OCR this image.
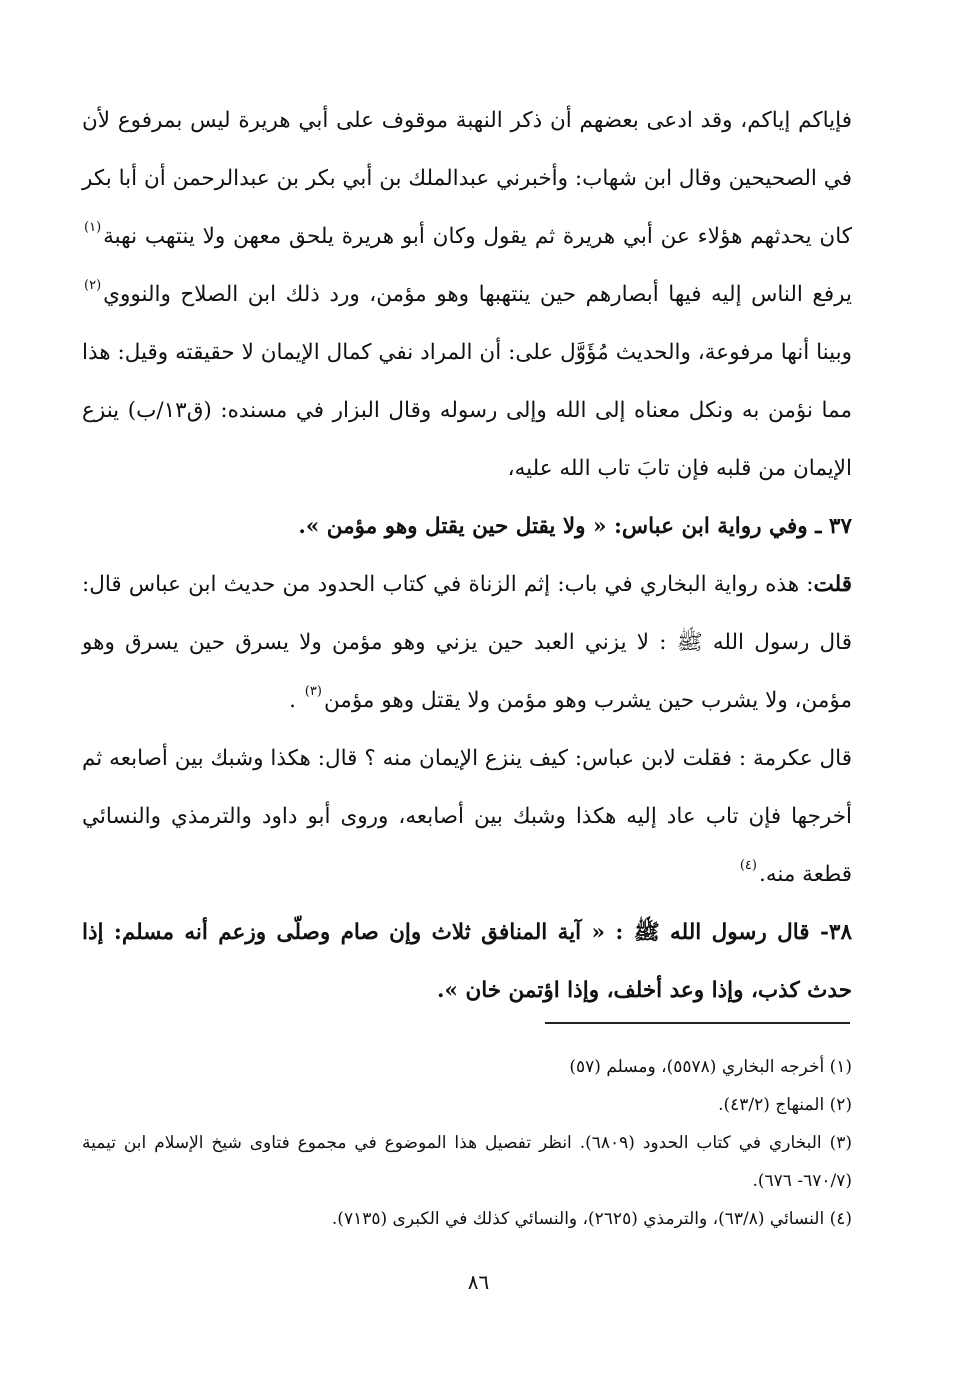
فإياكم إياكم، وقد ادعى بعضهم أن ذكر النهبة موقوف على أبي هريرة ليس بمرفوع لأن في الصحيحين وقال ابن شهاب: وأخبرني عبدالملك بن أبي بكر بن عبدالرحمن أن أبا بكر كان يحدثهم هؤلاء عن أبي هريرة ثم يقول وكان أبو هريرة يلحق معهن ولا ينتهب نهبة$^{(١)}$ يرفع الناس إليه فيها أبصارهم حين ينتهبها وهو مؤمن، ورد ذلك ابن الصلاح والنووي$^{(٢)}$ وبينا أنها مرفوعة، والحديث مُؤَوَّل على: أن المراد نفي كمال الإيمان لا حقيقته وقيل: هذا مما نؤمن به ونكل معناه إلى الله وإلى رسوله وقال البزار في مسنده: (ق١٣/ب) ينزع الإيمان من قلبه فإن تابَ تاب الله عليه،

٣٧ ـ وفي رواية ابن عباس: « ولا يقتل حين يقتل وهو مؤمن ».

قلت: هذه رواية البخاري في باب: إثم الزناة في كتاب الحدود من حديث ابن عباس قال: قال رسول الله ﷺ : لا يزني العبد حين يزني وهو مؤمن ولا يسرق حين يسرق وهو مؤمن، ولا يشرب حين يشرب وهو مؤمن ولا يقتل وهو مؤمن$^{(٣)}$ .

قال عكرمة : فقلت لابن عباس: كيف ينزع الإيمان منه ؟ قال: هكذا وشبك بين أصابعه ثم أخرجها فإن تاب عاد إليه هكذا وشبك بين أصابعه، وروى أبو داود والترمذي والنسائي قطعة منه.$^{(٤)}$

٣٨- قال رسول الله ﷺ : « آية المنافق ثلاث وإن صام وصلّى وزعم أنه مسلم: إذا حدث كذب، وإذا وعد أخلف، وإذا اؤتمن خان ».

(١) أخرجه البخاري (٥٥٧٨)، ومسلم (٥٧)

(٢) المنهاج (٤٣/٢).

(٣) البخاري في كتاب الحدود (٦٨٠٩). انظر تفصيل هذا الموضوع في مجموع فتاوى شيخ الإسلام ابن تيمية (٦٧٠/٧- ٦٧٦).

(٤) النسائي (٦٣/٨)، والترمذي (٢٦٢٥)، والنسائي كذلك في الكبرى (٧١٣٥).

٨٦
